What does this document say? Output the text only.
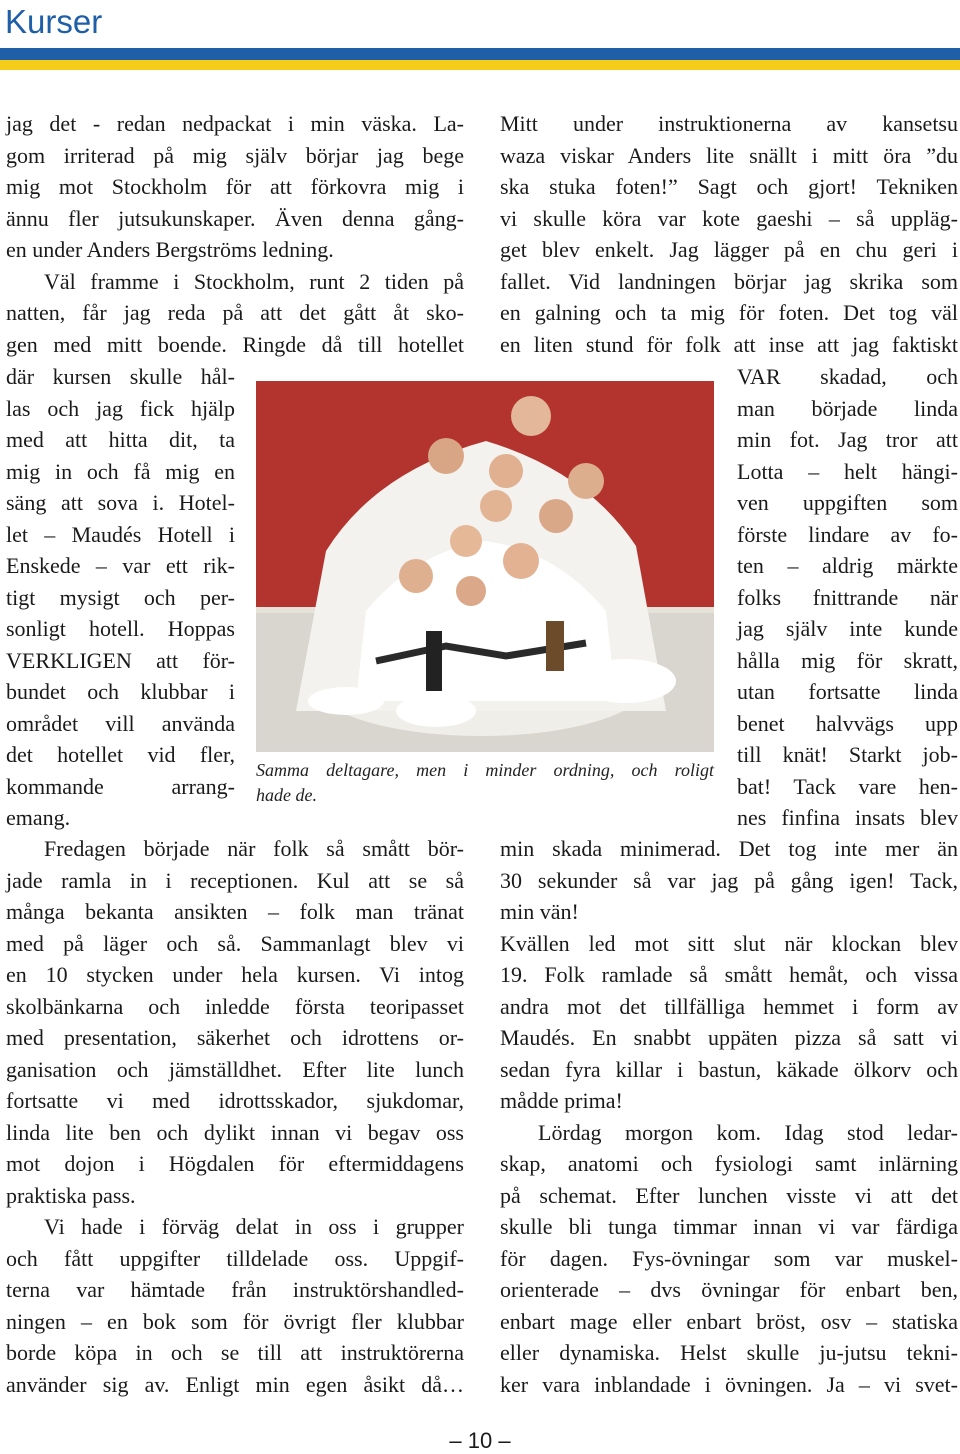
Kurser

jag det - redan nedpackat i min väska. La-

gom irriterad på mig själv börjar jag bege

mig mot Stockholm för att förkovra mig i

ännu fler jutsukunskaper. Även denna gång-

en under Anders Bergströms ledning.

Väl framme i Stockholm, runt 2 tiden på

natten, får jag reda på att det gått åt sko-

gen med mitt boende. Ringde då till hotellet

där kursen skulle hål-

las och jag fick hjälp

med att hitta dit, ta

mig in och få mig en

säng att sova i. Hotel-

let – Maudés Hotell i

Enskede – var ett rik-

tigt mysigt och per-

sonligt hotell. Hoppas

VERKLIGEN att för-

bundet och klubbar i

området vill använda

det hotellet vid fler,

kommande arrang-

emang.

Fredagen började när folk så smått bör-

jade ramla in i receptionen. Kul att se så

många bekanta ansikten – folk man tränat

med på läger och så. Sammanlagt blev vi

en 10 stycken under hela kursen. Vi intog

skolbänkarna och inledde första teoripasset

med presentation, säkerhet och idrottens or-

ganisation och jämställdhet. Efter lite lunch

fortsatte vi med idrottsskador, sjukdomar,

linda lite ben och dylikt innan vi begav oss

mot dojon i Högdalen för eftermiddagens

praktiska pass.

Vi hade i förväg delat in oss i grupper

och fått uppgifter tilldelade oss. Uppgif-

terna var hämtade från instruktörshandled-

ningen – en bok som för övrigt fler klubbar

borde köpa in och se till att instruktörerna

använder sig av. Enligt min egen åsikt då…

Mitt under instruktionerna av kansetsu

waza viskar Anders lite snällt i mitt öra ”du

ska stuka foten!” Sagt och gjort! Tekniken

vi skulle köra var kote gaeshi – så uppläg-

get blev enkelt. Jag lägger på en chu geri i

fallet. Vid landningen börjar jag skrika som

en galning och ta mig för foten. Det tog väl

en liten stund för folk att inse att jag faktiskt

VAR skadad, och

man började linda

min fot. Jag tror att

Lotta – helt hängi-

ven uppgiften som

förste lindare av fo-

ten – aldrig märkte

folks fnittrande när

jag själv inte kunde

hålla mig för skratt,

utan fortsatte linda

benet halvvägs upp

till knät! Starkt job-

bat! Tack vare hen-

nes finfina insats blev

min skada minimerad. Det tog inte mer än

30 sekunder så var jag på gång igen! Tack,

min vän!

Kvällen led mot sitt slut när klockan blev

19. Folk ramlade så smått hemåt, och vissa

andra mot det tillfälliga hemmet i form av

Maudés. En snabbt uppäten pizza så satt vi

sedan fyra killar i bastun, käkade ölkorv och

mådde prima!

Lördag morgon kom. Idag stod ledar-

skap, anatomi och fysiologi samt inlärning

på schemat. Efter lunchen visste vi att det

skulle bli tunga timmar innan vi var färdiga

för dagen. Fys-övningar som var muskel-

orienterade – dvs övningar för enbart ben,

enbart mage eller enbart bröst, osv – statiska

eller dynamiska. Helst skulle ju-jutsu tekni-

ker vara inblandade i övningen. Ja – vi svet-

Samma deltagare, men i minder ordning, och roligt
hade de.
– 10 –
